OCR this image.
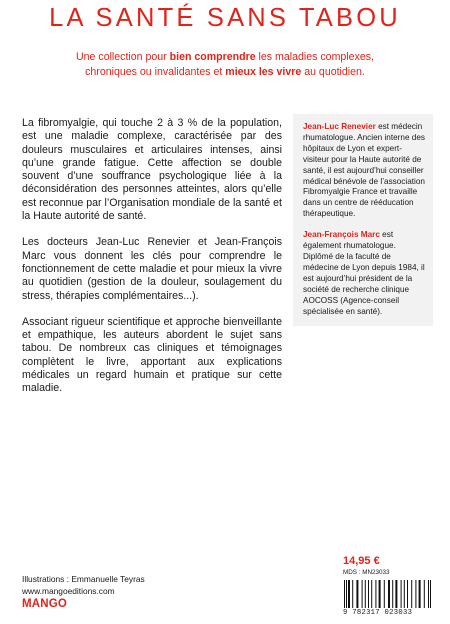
LA SANTÉ SANS TABOU
Une collection pour bien comprendre les maladies complexes,
chroniques ou invalidantes et mieux les vivre au quotidien.

La fibromyalgie, qui touche 2 à 3 % de la population, est une maladie complexe, caractérisée par des douleurs musculaires et articulaires intenses, ainsi qu’une grande fatigue. Cette affection se double souvent d’une souffrance psychologique liée à la déconsidération des personnes atteintes, alors qu’elle est reconnue par l’Organisation mondiale de la santé et la Haute autorité de santé.

Les docteurs Jean-Luc Renevier et Jean-François Marc vous donnent les clés pour comprendre le fonctionnement de cette maladie et pour mieux la vivre au quotidien (gestion de la douleur, soulagement du stress, thérapies complémentaires...).

Associant rigueur scientifique et approche bienveillante et empathique, les auteurs abordent le sujet sans tabou. De nombreux cas cliniques et témoignages complètent le livre, apportant aux explications médicales un regard humain et pratique sur cette maladie.

Jean-Luc Renevier est médecin rhumatologue. Ancien interne des hôpitaux de Lyon et expert-visiteur pour la Haute autorité de santé, il est aujourd’hui conseiller médical bénévole de l’association Fibromyalgie France et travaille dans un centre de rééducation thérapeutique.
Jean-François Marc est également rhumatologue. Diplômé de la faculté de médecine de Lyon depuis 1984, il est aujourd’hui président de la société de recherche clinique AOCOSS (Agence-conseil spécialisée en santé).
14,95 €
MDS : MN23033
9 782317 023033
Illustrations : Emmanuelle Teyras
www.mangoeditions.com
MANGO
